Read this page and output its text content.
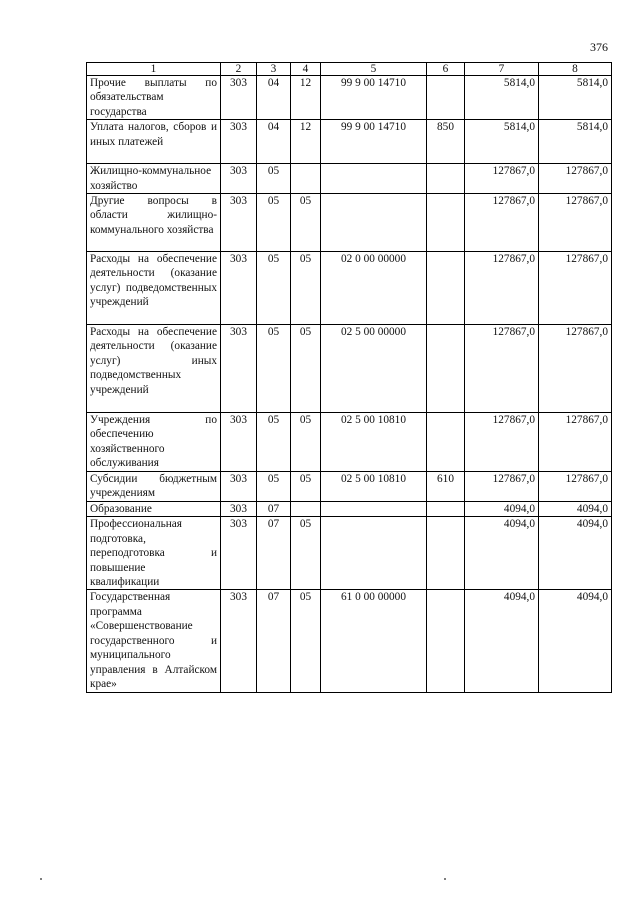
376
1	2	3	4	5	6	7	8
Прочие выплаты по обязательствам государства	303	04	12	99 9 00 14710		5814,0	5814,0
Уплата налогов, сборов и иных платежей	303	04	12	99 9 00 14710	850	5814,0	5814,0
Жилищно-коммунальное хозяйство	303	05				127867,0	127867,0
Другие вопросы в области жилищно-коммунального хозяйства	303	05	05			127867,0	127867,0
Расходы на обеспечение деятельности (оказание услуг) подведомственных учреждений	303	05	05	02 0 00 00000		127867,0	127867,0
Расходы на обеспечение деятельности (оказание услуг) иных подведомственных учреждений	303	05	05	02 5 00 00000		127867,0	127867,0
Учреждения по обеспечению хозяйственного обслуживания	303	05	05	02 5 00 10810		127867,0	127867,0
Субсидии бюджетным учреждениям	303	05	05	02 5 00 10810	610	127867,0	127867,0
Образование	303	07				4094,0	4094,0
Профессиональная подготовка, переподготовка и повышение квалификации	303	07	05			4094,0	4094,0
Государственная программа «Совершенствование государственного и муниципального управления в Алтайском крае»	303	07	05	61 0 00 00000		4094,0	4094,0
